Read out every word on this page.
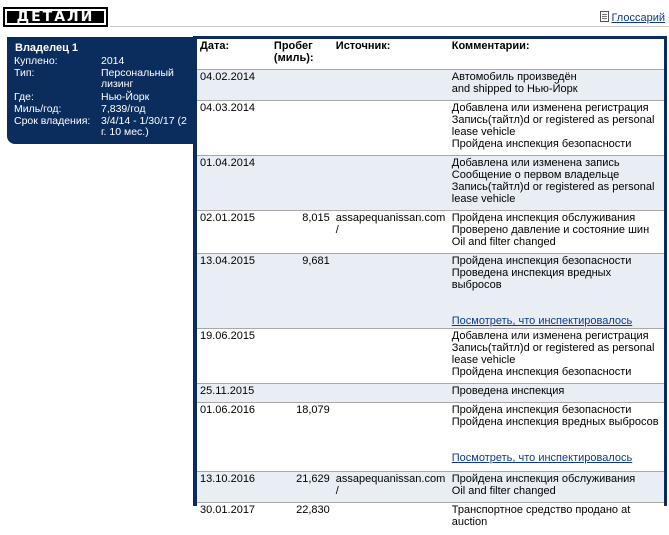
ДЕТАЛИ	Глоссарий
Владелец 1
Куплено:	2014
Тип:	Персональный лизинг
Где:	Нью-Йорк
Миль/год:	7,839/год
Срок владения:	3/4/14 - 1/30/17 (2 г. 10 мес.)
Дата:	Пробег (миль):	Источник:	Комментарии:
04.02.2014			Автомобиль произведён
and shipped to Нью-Йорк

04.03.2014			Добавлена или изменена регистрация
Запись(тайтл)d or registered as personal lease vehicle
Пройдена инспекция безопасности

01.04.2014			Добавлена или изменена запись
Сообщение о первом владельце
Запись(тайтл)d or registered as personal lease vehicle

02.01.2015	8,015	assapequanissan.com /	Пройдена инспекция обслуживания
Проверено давление и состояние шин
Oil and filter changed

13.04.2015	9,681		Пройдена инспекция безопасности
Проведена инспекция вредных выбросов
Посмотреть, что инспектировалось

19.06.2015			Добавлена или изменена регистрация
Запись(тайтл)d or registered as personal lease vehicle
Пройдена инспекция безопасности

25.11.2015			Проведена инспекция

01.06.2016	18,079		Пройдена инспекция безопасности
Пройдена инспекция вредных выбросов
Посмотреть, что инспектировалось

13.10.2016	21,629	assapequanissan.com /	Пройдена инспекция обслуживания
Oil and filter changed

30.01.2017	22,830		Транспортное средство продано at auction
